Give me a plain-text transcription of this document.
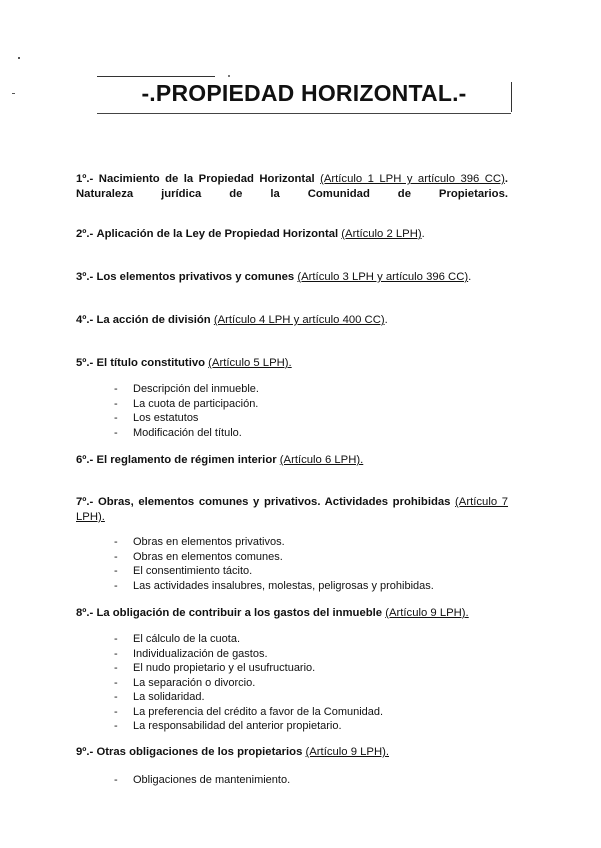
-.PROPIEDAD HORIZONTAL.-
1º.- Nacimiento de la Propiedad Horizontal (Artículo 1 LPH y artículo 396 CC). Naturaleza jurídica de la Comunidad de Propietarios.
2º.- Aplicación de la Ley de Propiedad Horizontal (Artículo 2 LPH).
3º.- Los elementos privativos y comunes (Artículo 3 LPH y artículo 396 CC).
4º.- La acción de división (Artículo 4 LPH y artículo 400 CC).
5º.- El título constitutivo (Artículo 5 LPH).
- Descripción del inmueble.
- La cuota de participación.
- Los estatutos
- Modificación del título.
6º.- El reglamento de régimen interior (Artículo 6 LPH).
7º.- Obras, elementos comunes y privativos. Actividades prohibidas (Artículo 7 LPH).
- Obras en elementos privativos.
- Obras en elementos comunes.
- El consentimiento tácito.
- Las actividades insalubres, molestas, peligrosas y prohibidas.
8º.- La obligación de contribuir a los gastos del inmueble (Artículo 9 LPH).
- El cálculo de la cuota.
- Individualización de gastos.
- El nudo propietario y el usufructuario.
- La separación o divorcio.
- La solidaridad.
- La preferencia del crédito a favor de la Comunidad.
- La responsabilidad del anterior propietario.
9º.- Otras obligaciones de los propietarios (Artículo 9 LPH).
- Obligaciones de mantenimiento.
